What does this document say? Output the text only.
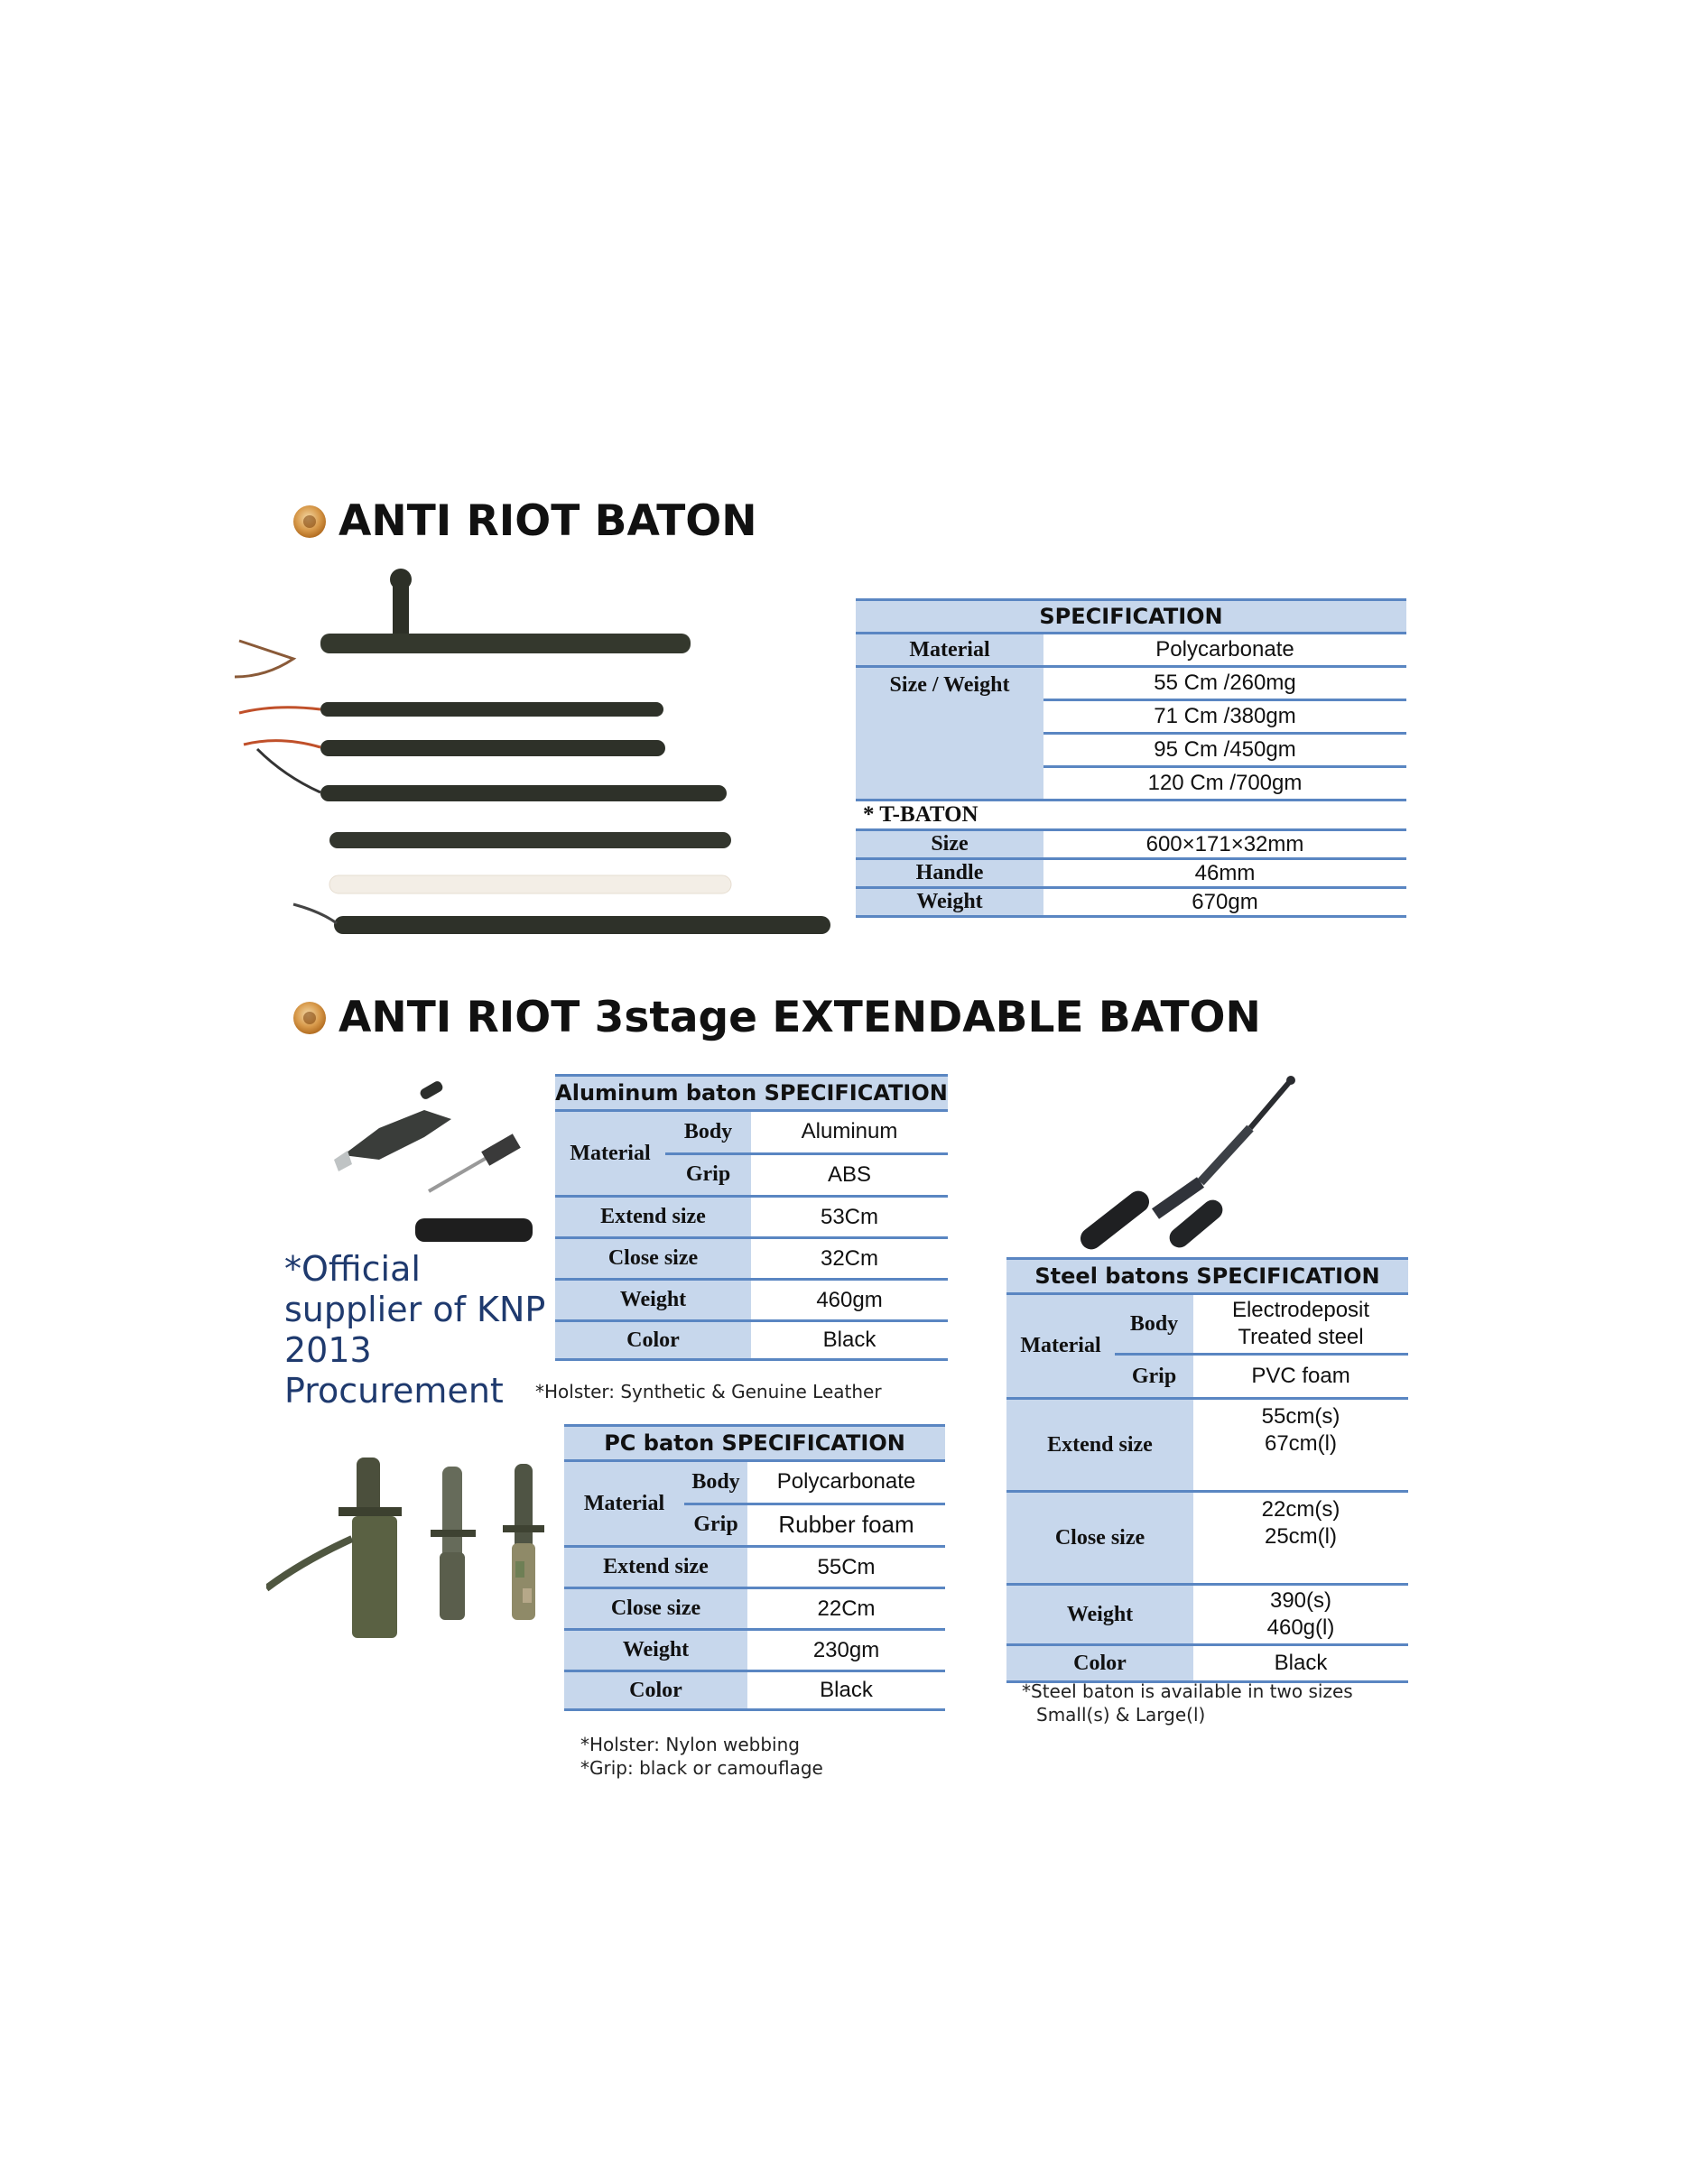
ANTI RIOT BATON
SPECIFICATION	
Material	Polycarbonate
Size / Weight	55 Cm /260mg
	71 Cm /380gm
	95 Cm /450gm
	120 Cm /700gm
* T-BATON	
Size	600×171×32mm
Handle	46mm
Weight	670gm
ANTI RIOT 3stage EXTENDABLE BATON
*Official supplier of KNP 2013 Procurement
Aluminum baton SPECIFICATION		
Material	Body	Aluminum
	Grip	ABS
Extend size		53Cm
Close size		32Cm
Weight		460gm
Color		Black
*Holster: Synthetic & Genuine Leather
PC baton SPECIFICATION		
Material	Body	Polycarbonate
	Grip	Rubber foam
Extend size		55Cm
Close size		22Cm
Weight		230gm
Color		Black
*Holster: Nylon webbing
*Grip: black or camouflage
Steel batons SPECIFICATION		
Material	Body	Electrodeposit
Treated steel

	Grip	PVC foam
Extend size		55cm(s)
67cm(l)

Close size		22cm(s)
25cm(l)

Weight		390(s)
460g(l)

Color		Black
*Steel baton is available in two sizes
Small(s) & Large(l)
